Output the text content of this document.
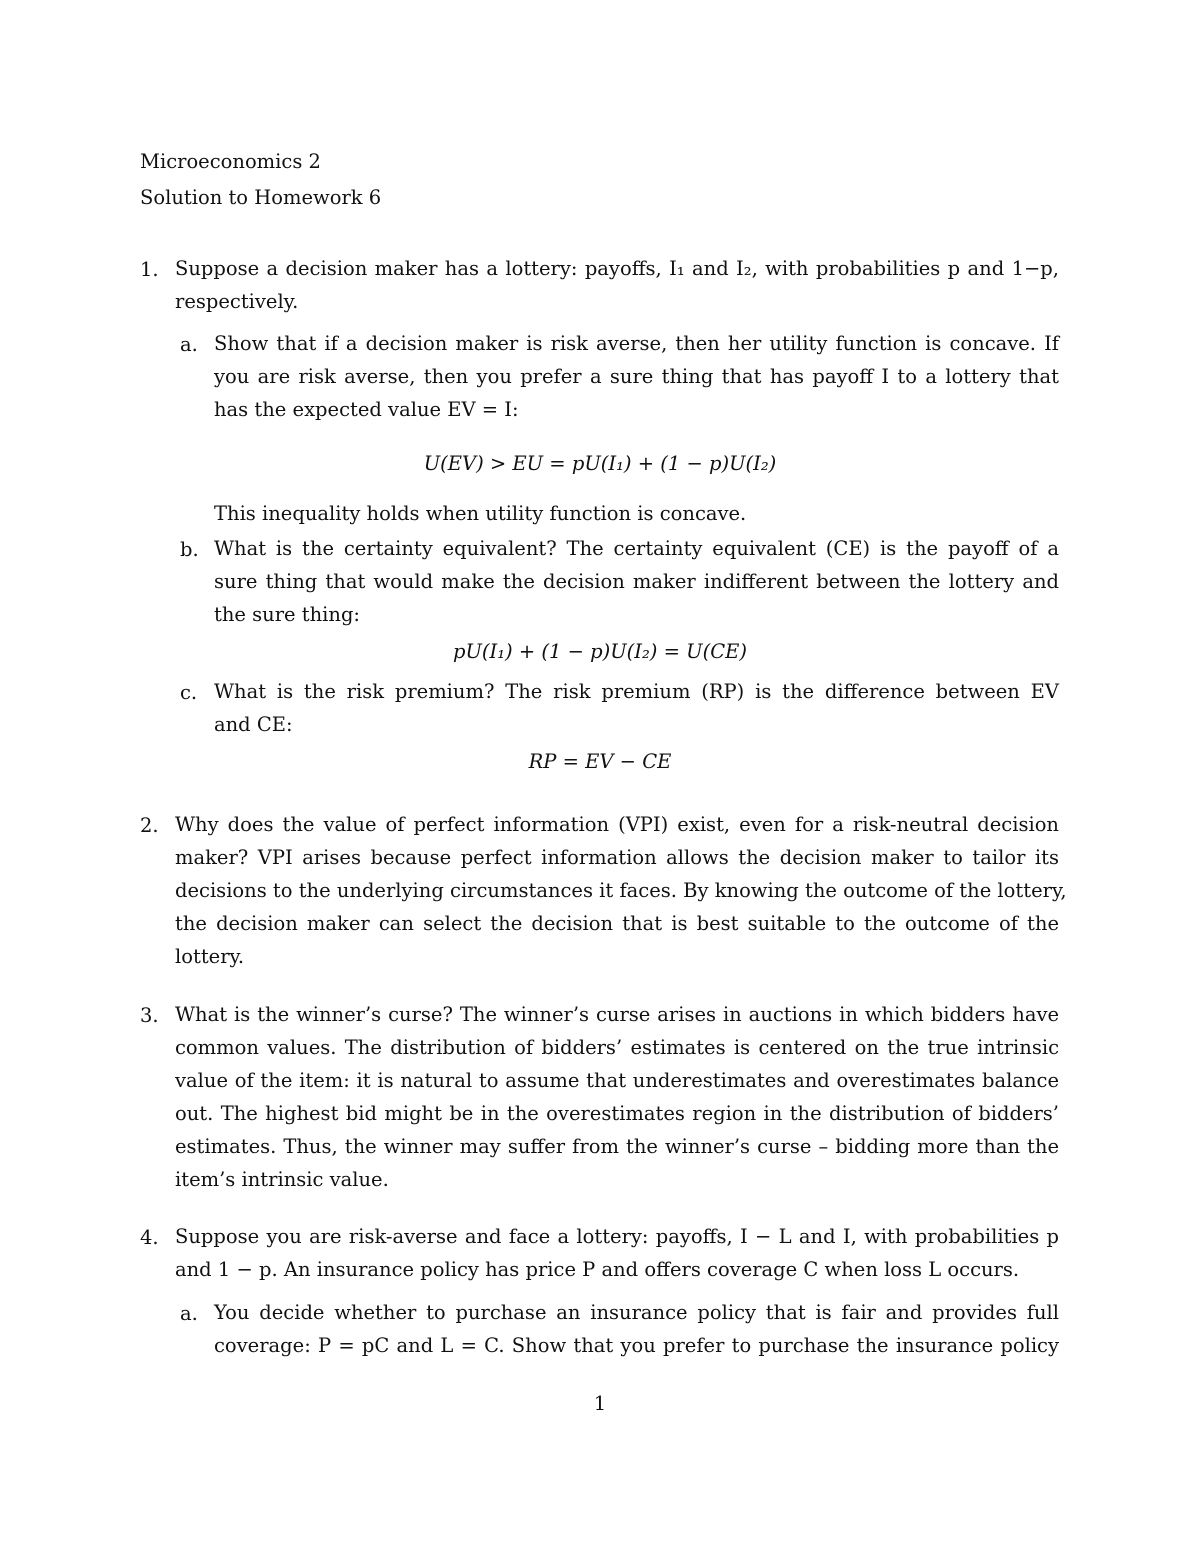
Microeconomics 2
Solution to Homework 6
1. Suppose a decision maker has a lottery: payoffs, I₁ and I₂, with probabilities p and 1−p,
respectively.
a. Show that if a decision maker is risk averse, then her utility function is concave. If
you are risk averse, then you prefer a sure thing that has payoff I to a lottery that
has the expected value EV = I:
U(EV) > EU = pU(I₁) + (1 − p)U(I₂)
This inequality holds when utility function is concave.
b. What is the certainty equivalent? The certainty equivalent (CE) is the payoff of a
sure thing that would make the decision maker indifferent between the lottery and
the sure thing:
pU(I₁) + (1 − p)U(I₂) = U(CE)
c. What is the risk premium? The risk premium (RP) is the difference between EV
and CE:
RP = EV − CE
2. Why does the value of perfect information (VPI) exist, even for a risk-neutral decision
maker? VPI arises because perfect information allows the decision maker to tailor its
decisions to the underlying circumstances it faces. By knowing the outcome of the lottery,
the decision maker can select the decision that is best suitable to the outcome of the
lottery.
3. What is the winner’s curse? The winner’s curse arises in auctions in which bidders have
common values. The distribution of bidders’ estimates is centered on the true intrinsic
value of the item: it is natural to assume that underestimates and overestimates balance
out. The highest bid might be in the overestimates region in the distribution of bidders’
estimates. Thus, the winner may suffer from the winner’s curse – bidding more than the
item’s intrinsic value.
4. Suppose you are risk-averse and face a lottery: payoffs, I − L and I, with probabilities p
and 1 − p. An insurance policy has price P and offers coverage C when loss L occurs.
a. You decide whether to purchase an insurance policy that is fair and provides full
coverage: P = pC and L = C. Show that you prefer to purchase the insurance policy
1
